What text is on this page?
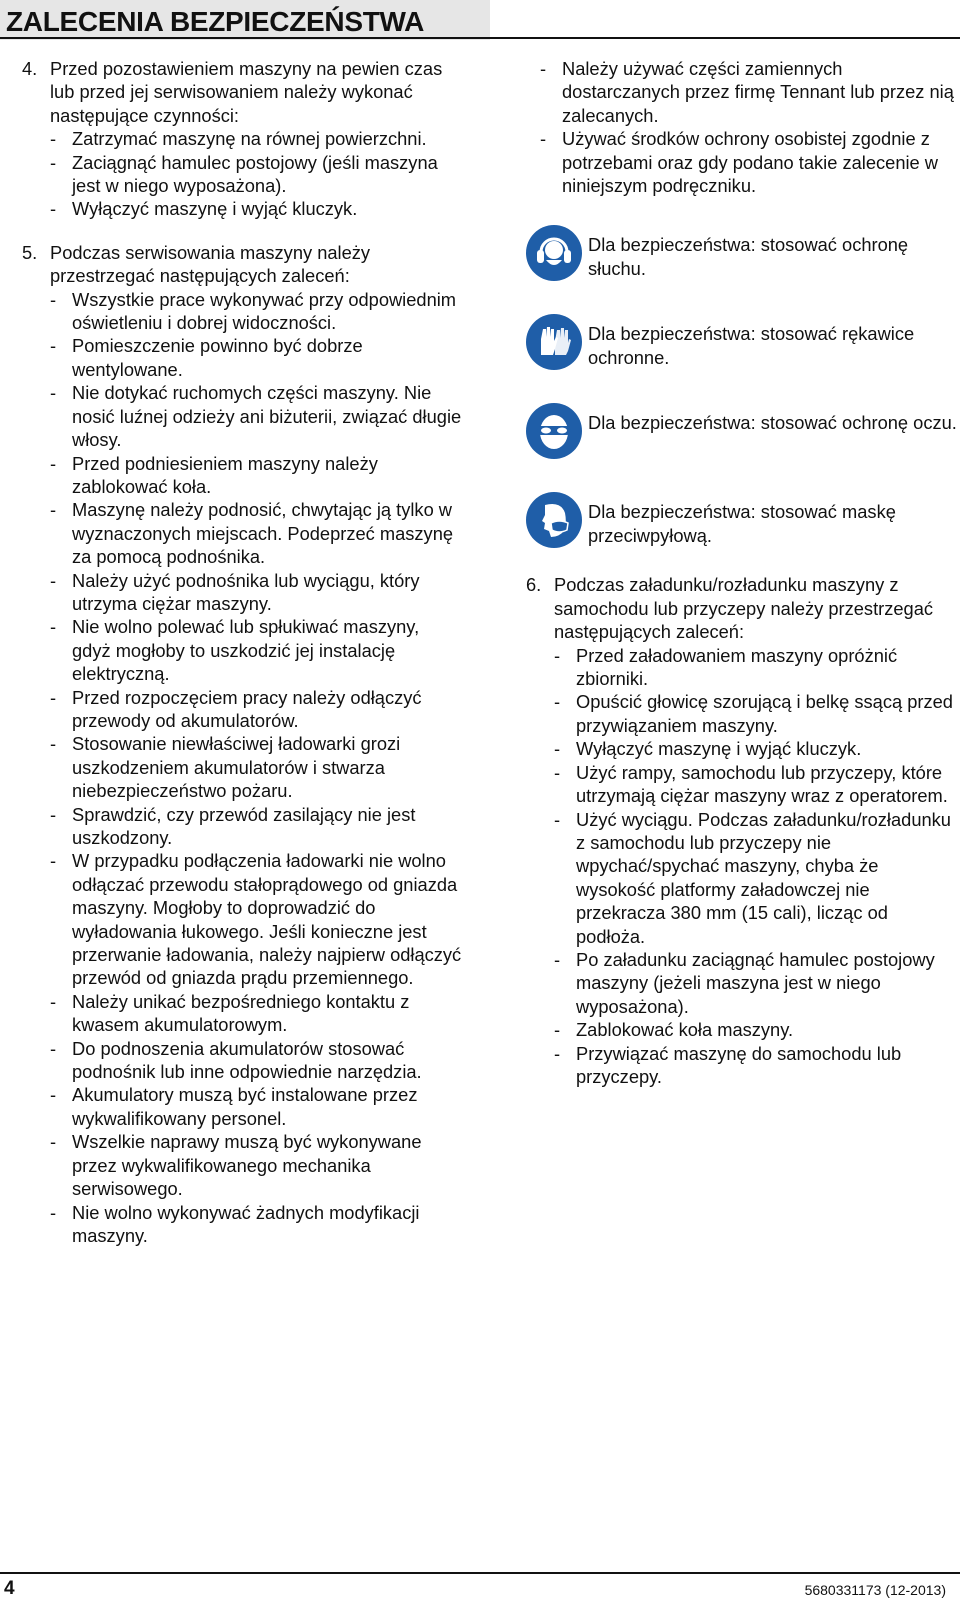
ZALECENIA BEZPIECZEŃSTWA
4. Przed pozostawieniem maszyny na pewien czas lub przed jej serwisowaniem należy wykonać następujące czynności:
- Zatrzymać maszynę na równej powierzchni.
- Zaciągnąć hamulec postojowy (jeśli maszyna jest w niego wyposażona).
- Wyłączyć maszynę i wyjąć kluczyk.
5. Podczas serwisowania maszyny należy przestrzegać następujących zaleceń:
- Wszystkie prace wykonywać przy odpowiednim oświetleniu i dobrej widoczności.
- Pomieszczenie powinno być dobrze wentylowane.
- Nie dotykać ruchomych części maszyny. Nie nosić luźnej odzieży ani biżuterii, związać długie włosy.
- Przed podniesieniem maszyny należy zablokować koła.
- Maszynę należy podnosić, chwytając ją tylko w wyznaczonych miejscach. Podeprzeć maszynę za pomocą podnośnika.
- Należy użyć podnośnika lub wyciągu, który utrzyma ciężar maszyny.
- Nie wolno polewać lub spłukiwać maszyny, gdyż mogłoby to uszkodzić jej instalację elektryczną.
- Przed rozpoczęciem pracy należy odłączyć przewody od akumulatorów.
- Stosowanie niewłaściwej ładowarki grozi uszkodzeniem akumulatorów i stwarza niebezpieczeństwo pożaru.
- Sprawdzić, czy przewód zasilający nie jest uszkodzony.
- W przypadku podłączenia ładowarki nie wolno odłączać przewodu stałoprądowego od gniazda maszyny. Mogłoby to doprowadzić do wyładowania łukowego. Jeśli konieczne jest przerwanie ładowania, należy najpierw odłączyć przewód od gniazda prądu przemiennego.
- Należy unikać bezpośredniego kontaktu z kwasem akumulatorowym.
- Do podnoszenia akumulatorów stosować podnośnik lub inne odpowiednie narzędzia.
- Akumulatory muszą być instalowane przez wykwalifikowany personel.
- Wszelkie naprawy muszą być wykonywane przez wykwalifikowanego mechanika serwisowego.
- Nie wolno wykonywać żadnych modyfikacji maszyny.
- Należy używać części zamiennych dostarczanych przez firmę Tennant lub przez nią zalecanych.
- Używać środków ochrony osobistej zgodnie z potrzebami oraz gdy podano takie zalecenie w niniejszym podręczniku.
Dla bezpieczeństwa: stosować ochronę słuchu.
Dla bezpieczeństwa: stosować rękawice ochronne.
Dla bezpieczeństwa: stosować ochronę oczu.
Dla bezpieczeństwa: stosować maskę przeciwpyłową.
6. Podczas załadunku/rozładunku maszyny z samochodu lub przyczepy należy przestrzegać następujących zaleceń:
- Przed załadowaniem maszyny opróżnić zbiorniki.
- Opuścić głowicę szorującą i belkę ssącą przed przywiązaniem maszyny.
- Wyłączyć maszynę i wyjąć kluczyk.
- Użyć rampy, samochodu lub przyczepy, które utrzymają ciężar maszyny wraz z operatorem.
- Użyć wyciągu. Podczas załadunku/rozładunku z samochodu lub przyczepy nie wpychać/spychać maszyny, chyba że wysokość platformy załadowczej nie przekracza 380 mm (15 cali), licząc od podłoża.
- Po załadunku zaciągnąć hamulec postojowy maszyny (jeżeli maszyna jest w niego wyposażona).
- Zablokować koła maszyny.
- Przywiązać maszynę do samochodu lub przyczepy.
4	5680331173 (12-2013)
